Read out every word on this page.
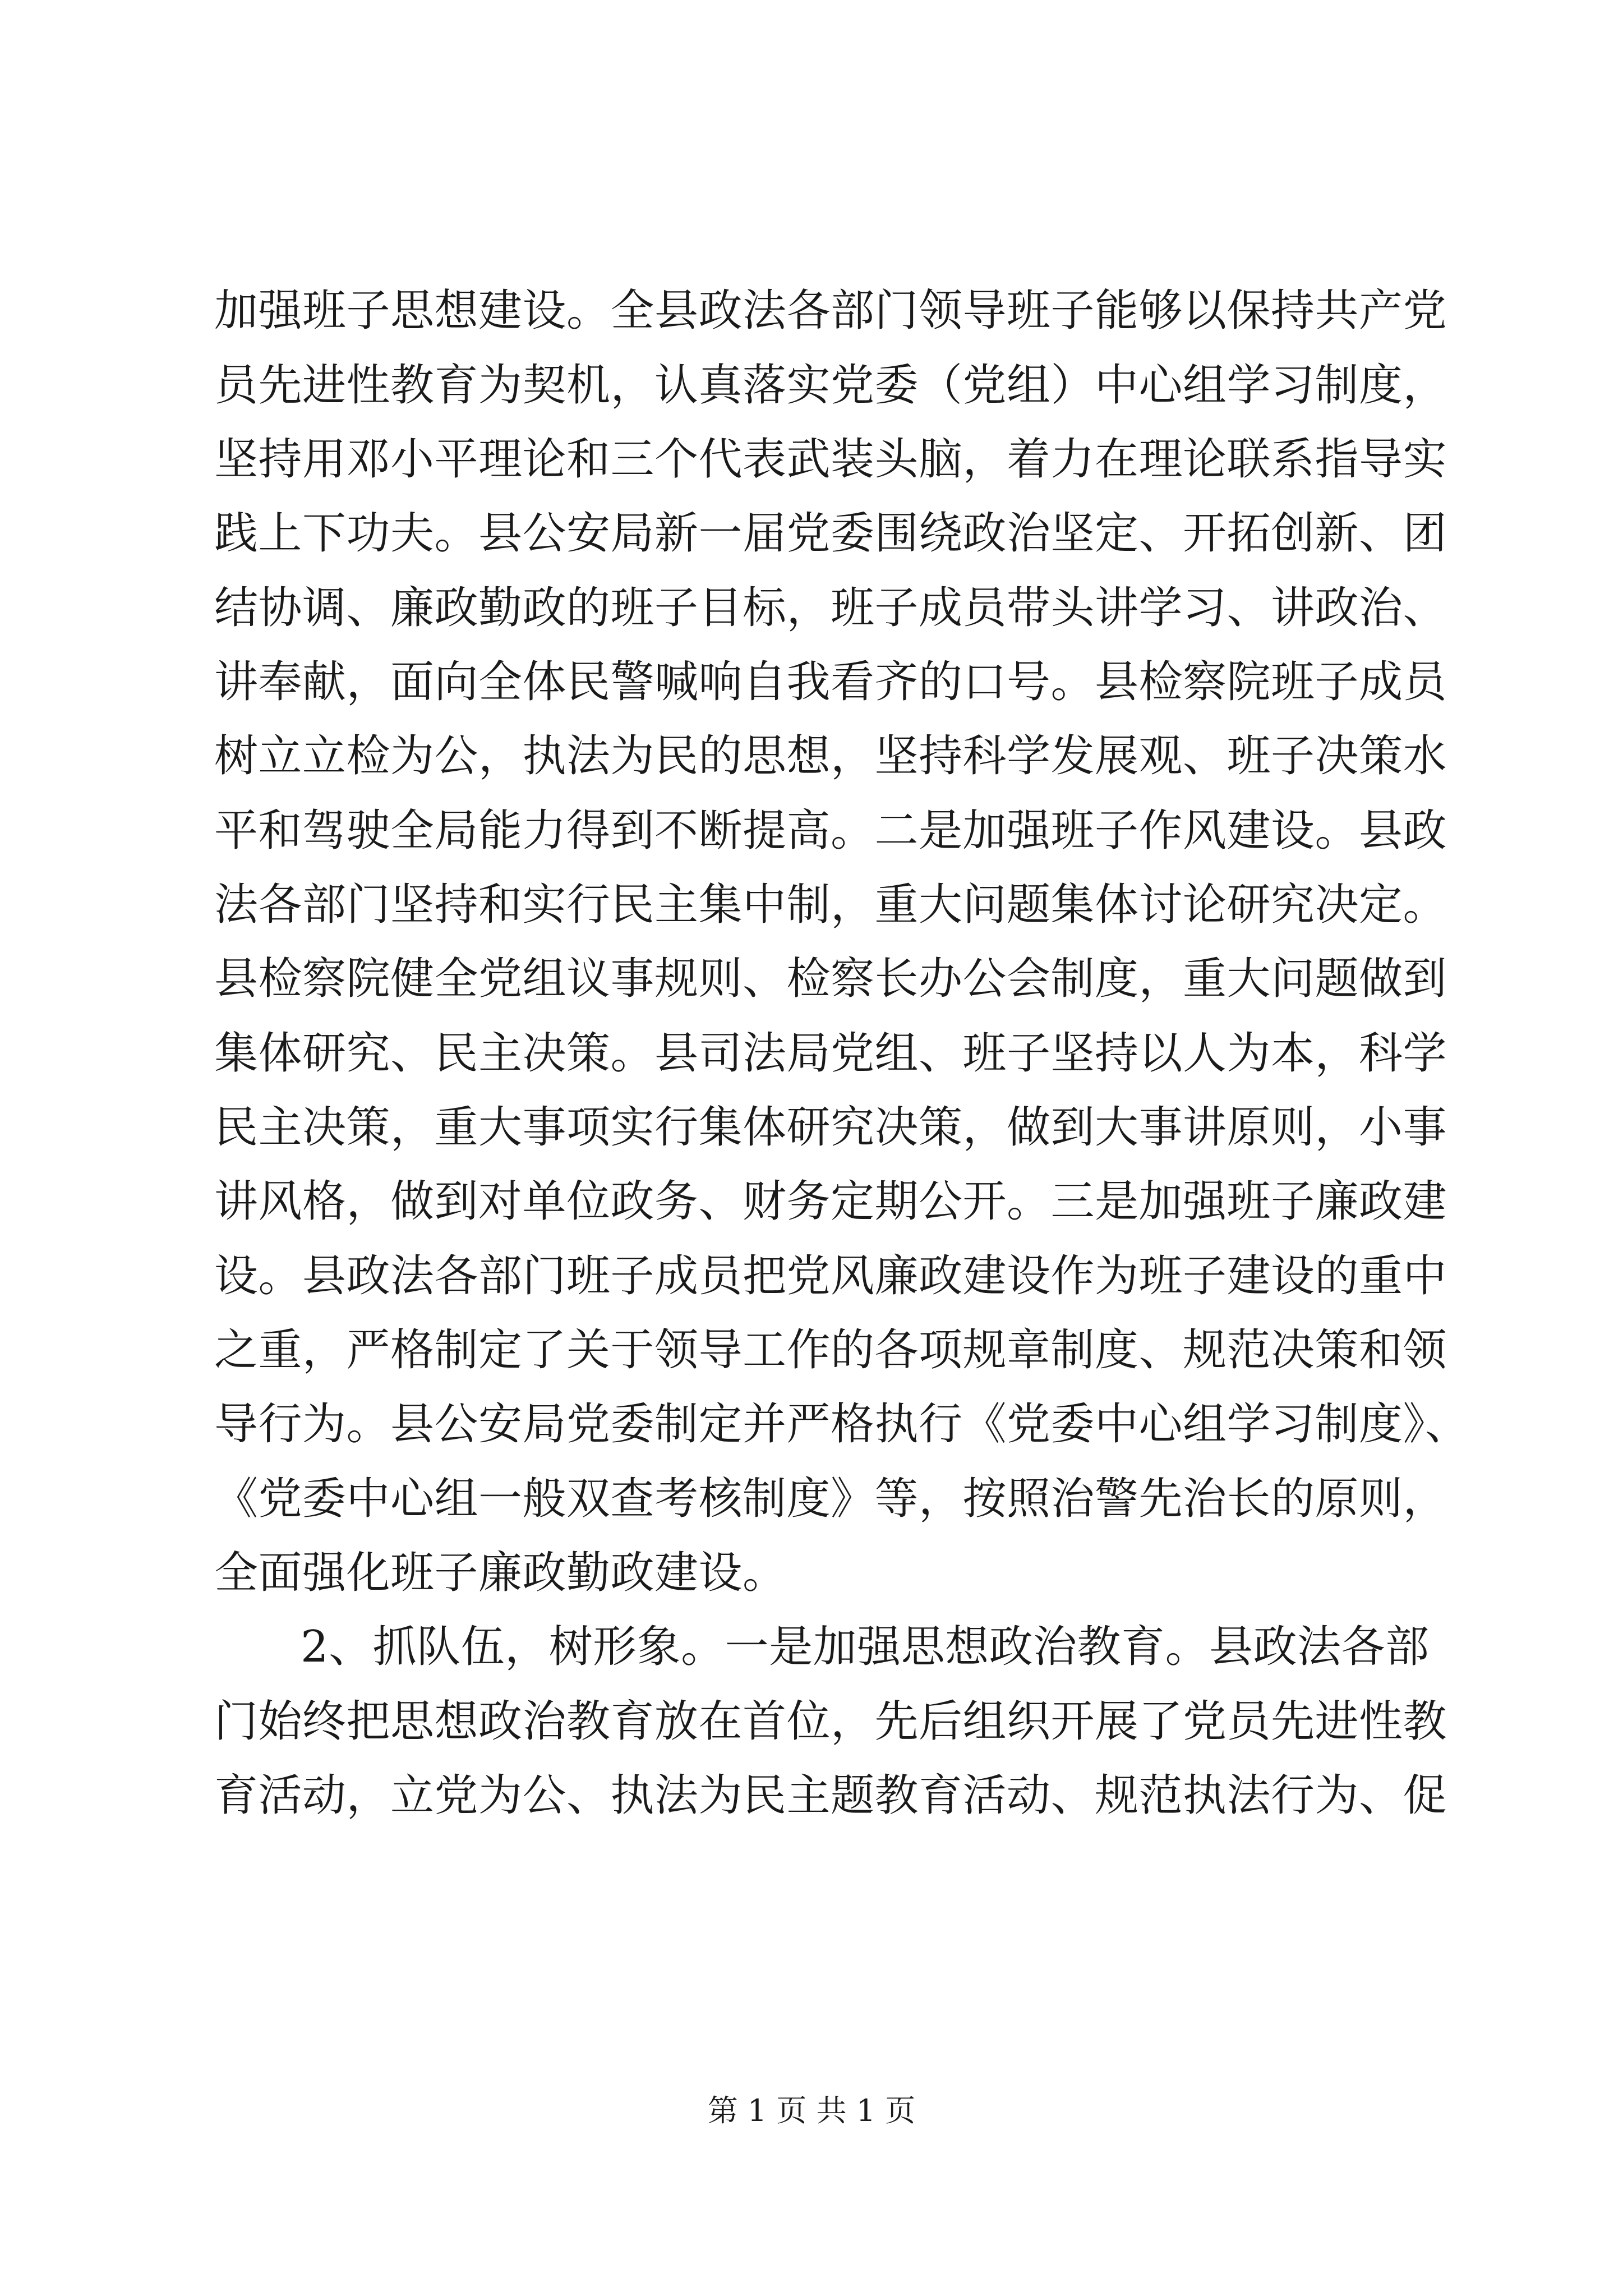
加强班子思想建设。全县政法各部门领导班子能够以保持共产党
员先进性教育为契机，认真落实党委（党组）中心组学习制度，
坚持用邓小平理论和三个代表武装头脑，着力在理论联系指导实
践上下功夫。县公安局新一届党委围绕政治坚定、开拓创新、团
结协调、廉政勤政的班子目标，班子成员带头讲学习、讲政治、
讲奉献，面向全体民警喊响自我看齐的口号。县检察院班子成员
树立立检为公，执法为民的思想，坚持科学发展观、班子决策水
平和驾驶全局能力得到不断提高。二是加强班子作风建设。县政
法各部门坚持和实行民主集中制，重大问题集体讨论研究决定。
县检察院健全党组议事规则、检察长办公会制度，重大问题做到
集体研究、民主决策。县司法局党组、班子坚持以人为本，科学
民主决策，重大事项实行集体研究决策，做到大事讲原则，小事
讲风格，做到对单位政务、财务定期公开。三是加强班子廉政建
设。县政法各部门班子成员把党风廉政建设作为班子建设的重中
之重，严格制定了关于领导工作的各项规章制度、规范决策和领
导行为。县公安局党委制定并严格执行《党委中心组学习制度》、
《党委中心组一般双查考核制度》等，按照治警先治长的原则，
全面强化班子廉政勤政建设。
2、抓队伍，树形象。一是加强思想政治教育。县政法各部
门始终把思想政治教育放在首位，先后组织开展了党员先进性教
育活动，立党为公、执法为民主题教育活动、规范执法行为、促
第 1 页 共 1 页
